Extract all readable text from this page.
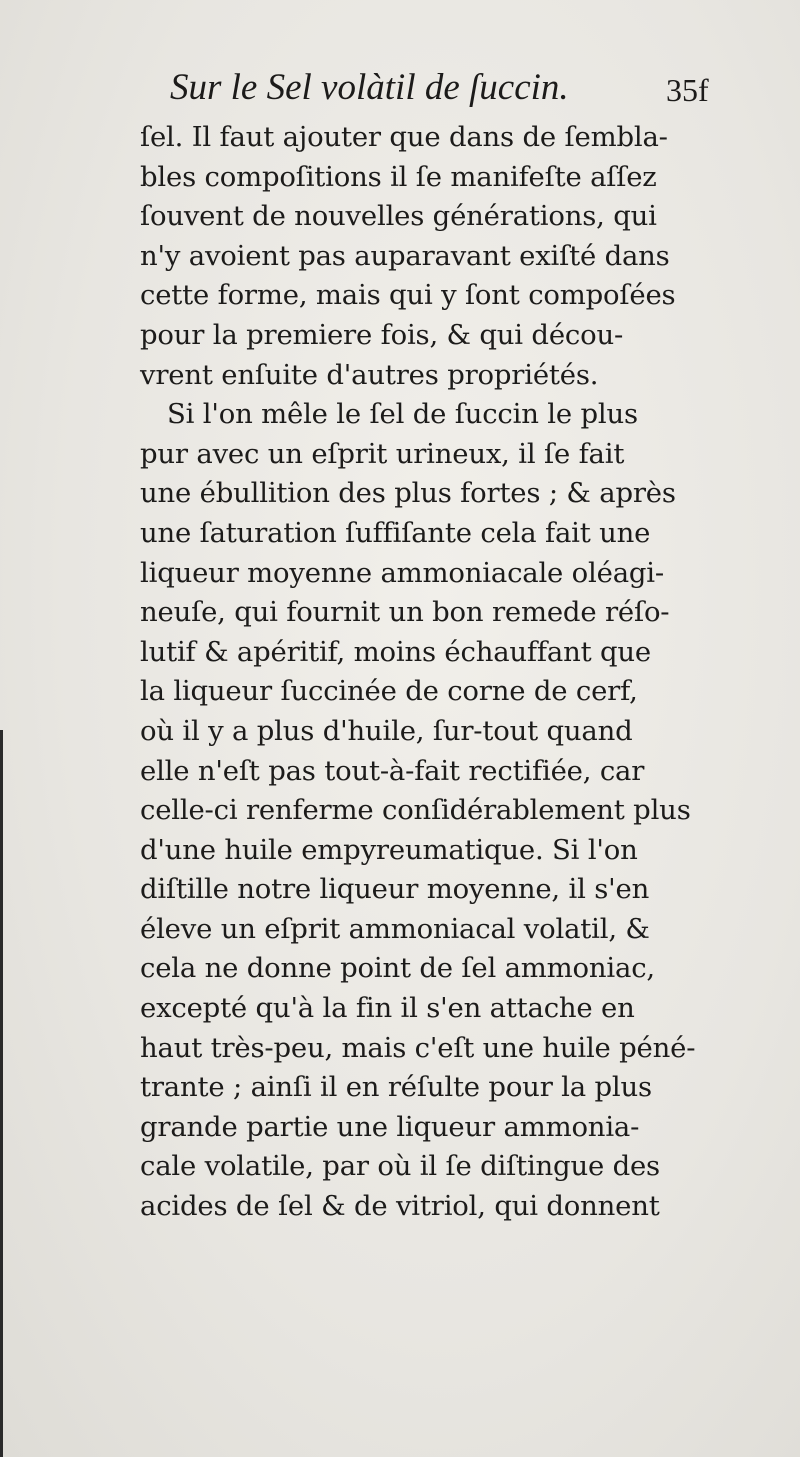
Sur le Sel volàtil de ſuccin.	35f
ſel. Il faut ajouter que dans de ſembla-
bles compoſitions il ſe manifeſte aſſez
ſouvent de nouvelles générations, qui
n'y avoient pas auparavant exiſté dans
cette forme, mais qui y ſont compoſées
pour la premiere fois, & qui décou-
vrent enſuite d'autres propriétés.
Si l'on mêle le ſel de ſuccin le plus
pur avec un eſprit urineux, il ſe fait
une ébullition des plus fortes ; & après
une ſaturation ſuffiſante cela fait une
liqueur moyenne ammoniacale oléagi-
neuſe, qui fournit un bon remede réſo-
lutif & apéritif, moins échauffant que
la liqueur ſuccinée de corne de cerf,
où il y a plus d'huile, ſur-tout quand
elle n'eſt pas tout-à-fait rectifiée, car
celle-ci renferme conſidérablement plus
d'une huile empyreumatique. Si l'on
diſtille notre liqueur moyenne, il s'en
éleve un eſprit ammoniacal volatil, &
cela ne donne point de ſel ammoniac,
excepté qu'à la fin il s'en attache en
haut très-peu, mais c'eſt une huile péné-
trante ; ainſi il en réſulte pour la plus
grande partie une liqueur ammonia-
cale volatile, par où il ſe diſtingue des
acides de ſel & de vitriol, qui donnent
